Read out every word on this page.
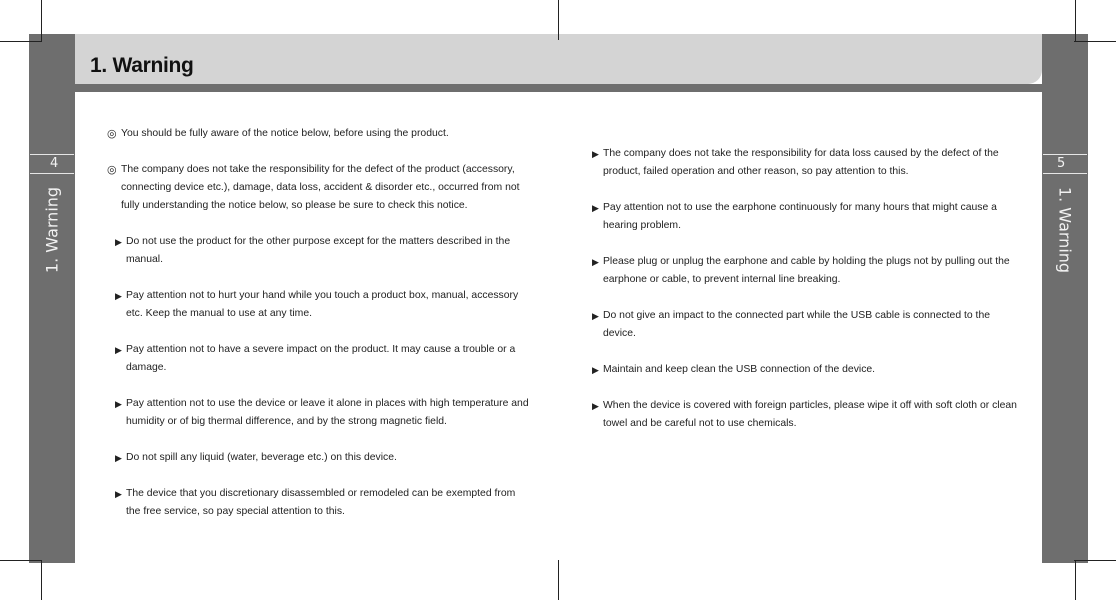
1. Warning
4	5
1. Warning	1. Warning
◎ You should be fully aware of the notice below, before using the product.
◎ The company does not take the responsibility for the defect of the product (accessory, connecting device etc.), damage, data loss, accident & disorder etc., occurred from not fully understanding the notice below, so please be sure to check this notice.
▶ Do not use the product for the other purpose except for the matters described in the manual.
▶ Pay attention not to hurt your hand while you touch a product box, manual, accessory etc. Keep the manual to use at any time.
▶ Pay attention not to have a severe impact on the product. It may cause a trouble or a damage.
▶ Pay attention not to use the device or leave it alone in places with high temperature and humidity or of big thermal difference, and by the strong magnetic field.
▶ Do not spill any liquid (water, beverage etc.) on this device.
▶ The device that you discretionary disassembled or remodeled can be exempted from the free service, so pay special attention to this.
▶ The company does not take the responsibility for data loss caused by the defect of the product, failed operation and other reason, so pay attention to this.
▶ Pay attention not to use the earphone continuously for many hours that might cause a hearing problem.
▶ Please plug or unplug the earphone and cable by holding the plugs not by pulling out the earphone or cable, to prevent internal line breaking.
▶ Do not give an impact to the connected part while the USB cable is connected to the device.
▶ Maintain and keep clean the USB connection of the device.
▶ When the device is covered with foreign particles, please wipe it off with soft cloth or clean towel and be careful not to use chemicals.
